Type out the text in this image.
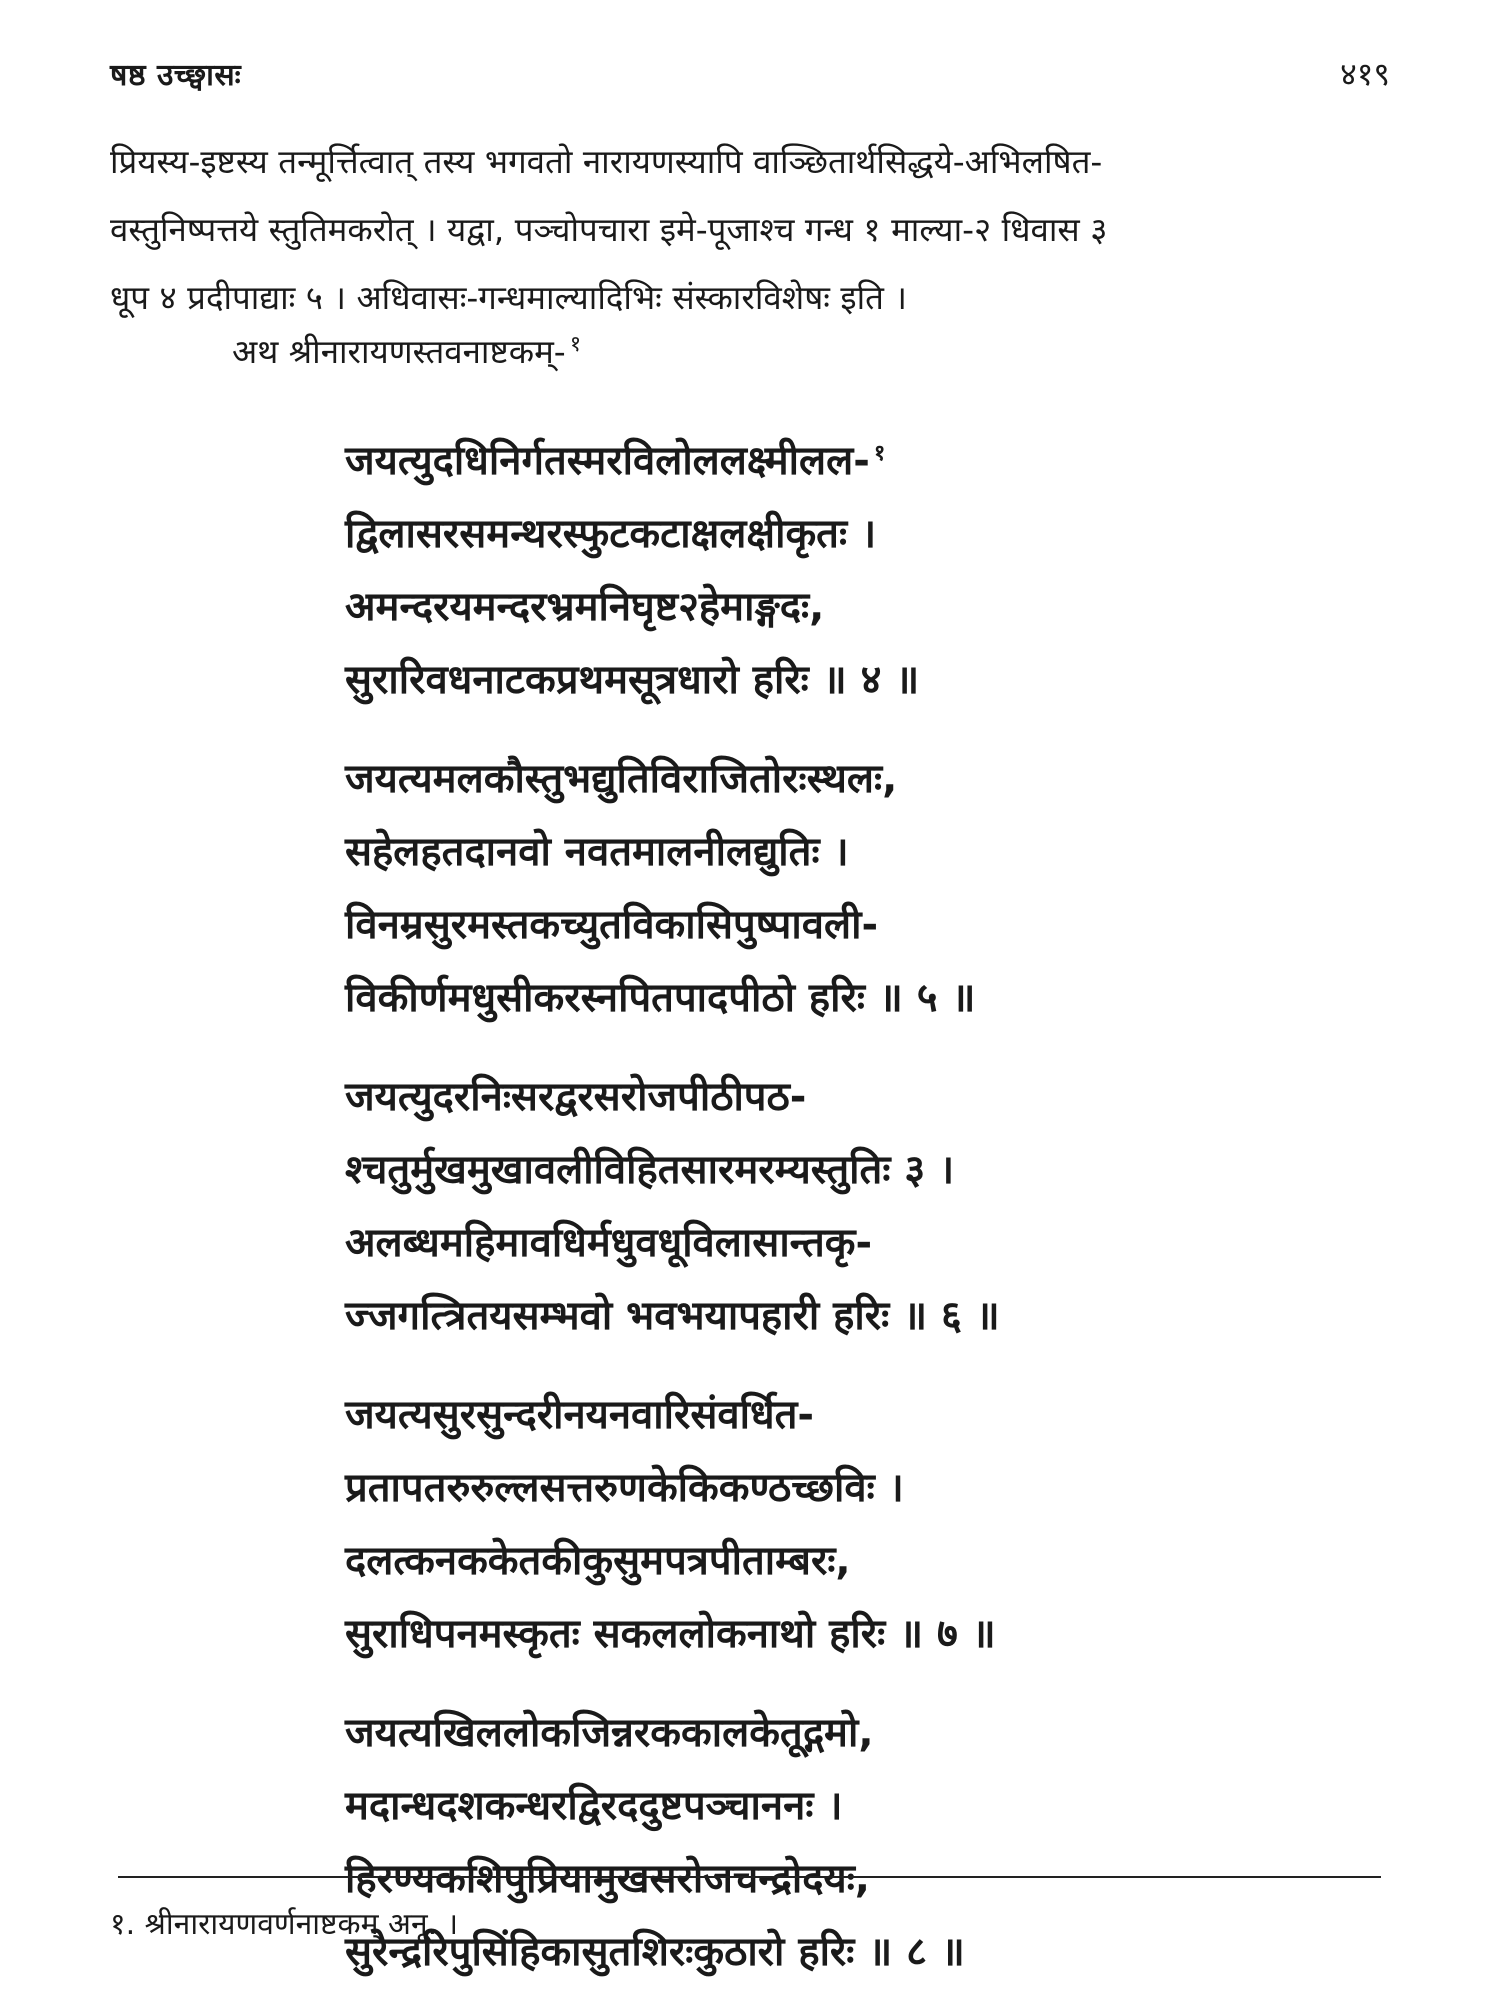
षष्ठ उच्छ्वासः	४१९
प्रियस्य-इष्टस्य तन्मूर्त्तित्वात् तस्य भगवतो नारायणस्यापि वाञ्छितार्थसिद्धये-अभिलषित-
वस्तुनिष्पत्तये स्तुतिमकरोत् । यद्वा, पञ्चोपचारा इमे-पूजाश्च गन्ध १ माल्या-२ धिवास ३
धूप ४ प्रदीपाद्याः ५ । अधिवासः-गन्धमाल्यादिभिः संस्कारविशेषः इति ।
अथ श्रीनारायणस्तवनाष्टकम्- $^१$
जयत्युदधिनिर्गतस्मरविलोललक्ष्मीलल- $^१$
द्विलासरसमन्थरस्फुटकटाक्षलक्षीकृतः ।
अमन्दरयमन्दरभ्रमनिघृष्ट२हेमाङ्गदः,
सुरारिवधनाटकप्रथमसूत्रधारो हरिः ॥ ४ ॥
जयत्यमलकौस्तुभद्युतिविराजितोरःस्थलः,
सहेलहतदानवो नवतमालनीलद्युतिः ।
विनम्रसुरमस्तकच्युतविकासिपुष्पावली-
विकीर्णमधुसीकरस्नपितपादपीठो हरिः ॥ ५ ॥
जयत्युदरनिःसरद्वरसरोजपीठीपठ-
श्चतुर्मुखमुखावलीविहितसारमरम्यस्तुतिः ३ ।
अलब्धमहिमावधिर्मधुवधूविलासान्तकृ-
ज्जगत्त्रितयसम्भवो भवभयापहारी हरिः ॥ ६ ॥
जयत्यसुरसुन्दरीनयनवारिसंवर्धित-
प्रतापतरुरुल्लसत्तरुणकेकिकण्ठच्छविः ।
दलत्कनककेतकीकुसुमपत्रपीताम्बरः,
सुराधिपनमस्कृतः सकललोकनाथो हरिः ॥ ७ ॥
जयत्यखिललोकजिन्नरककालकेतूद्गमो,
मदान्धदशकन्धरद्विरददुष्टपञ्चाननः ।
हिरण्यकशिपुप्रियामुखसरोजचन्द्रोदयः,
सुरेन्द्ररिपुसिंहिकासुतशिरःकुठारो हरिः ॥ ८ ॥
१. श्रीनारायणवर्णनाष्टकम् अनू. ।
